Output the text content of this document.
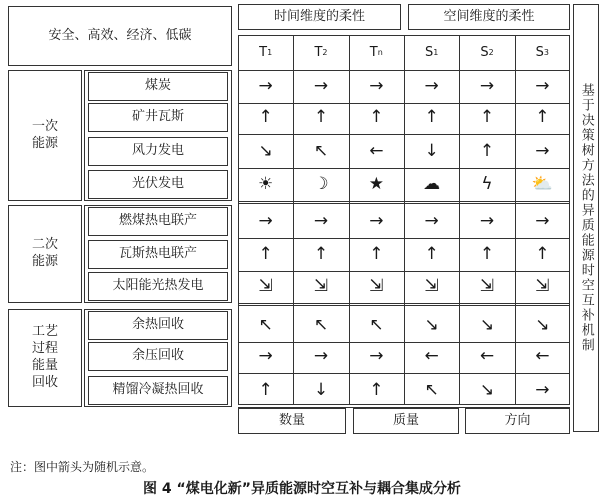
安全、高效、经济、低碳
时间维度的柔性	空间维度的柔性
基于决策树方法的异质能源时空互补机制
T 1	T 2	T n	S 1	S 2	S 3
一次
能源
煤炭
矿井瓦斯
风力发电
光伏发电
二次
能源
燃煤热电联产
瓦斯热电联产
太阳能光热发电
工艺
过程
能量
回收
余热回收
余压回收
精馏冷凝热回收
→	→	→	→	→	→
↑	↑	↑	↑	↑	↑
↘	↖	←	↓	↑	→
☀	☽	★	☁	ϟ	⛅
→	→	→	→	→	→
↑	↑	↑	↑	↑	↑
⇲	⇲	⇲	⇲	⇲	⇲
↖	↖	↖	↘	↘	↘
→	→	→	←	←	←
↑	↓	↑	↖	↘	→
数量	质量	方向
注：图中箭头为随机示意。
图 4 “煤电化新”异质能源时空互补与耦合集成分析
